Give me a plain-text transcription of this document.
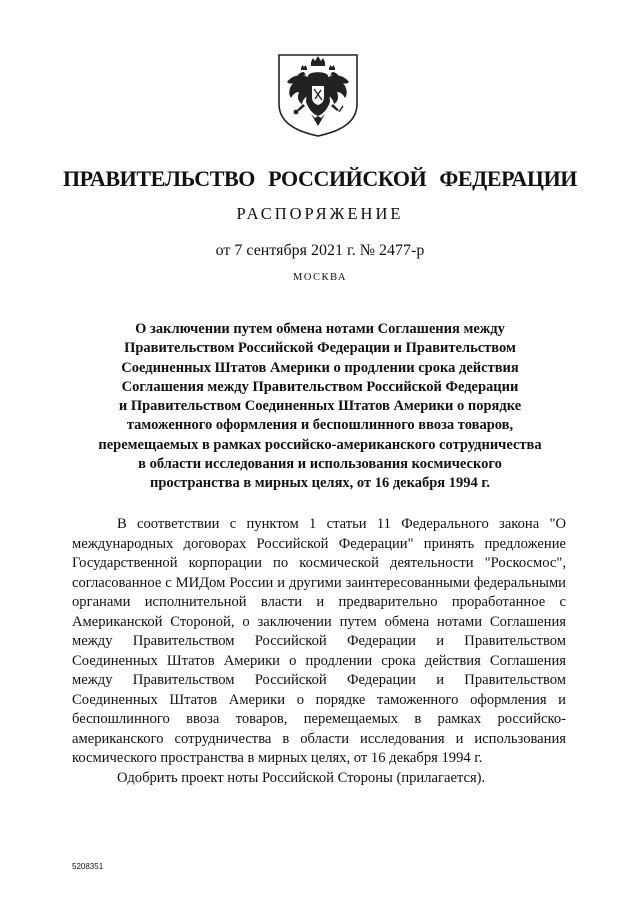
ПРАВИТЕЛЬСТВО РОССИЙСКОЙ ФЕДЕРАЦИИ
РАСПОРЯЖЕНИЕ
от 7 сентября 2021 г. № 2477-р
МОСКВА
О заключении путем обмена нотами Соглашения между
Правительством Российской Федерации и Правительством
Соединенных Штатов Америки о продлении срока действия
Соглашения между Правительством Российской Федерации
и Правительством Соединенных Штатов Америки о порядке
таможенного оформления и беспошлинного ввоза товаров,
перемещаемых в рамках российско-американского сотрудничества
в области исследования и использования космического
пространства в мирных целях, от 16 декабря 1994 г.

В соответствии с пунктом 1 статьи 11 Федерального закона "О международных договорах Российской Федерации" принять предложение Государственной корпорации по космической деятельности "Роскосмос", согласованное с МИДом России и другими заинтересованными федеральными органами исполнительной власти и предварительно проработанное с Американской Стороной, о заключении путем обмена нотами Соглашения между Правительством Российской Федерации и Правительством Соединенных Штатов Америки о продлении срока действия Соглашения между Правительством Российской Федерации и Правительством Соединенных Штатов Америки о порядке таможенного оформления и беспошлинного ввоза товаров, перемещаемых в рамках российско-американского сотрудничества в области исследования и использования космического пространства в мирных целях, от 16 декабря 1994 г.

Одобрить проект ноты Российской Стороны (прилагается).

5208351
